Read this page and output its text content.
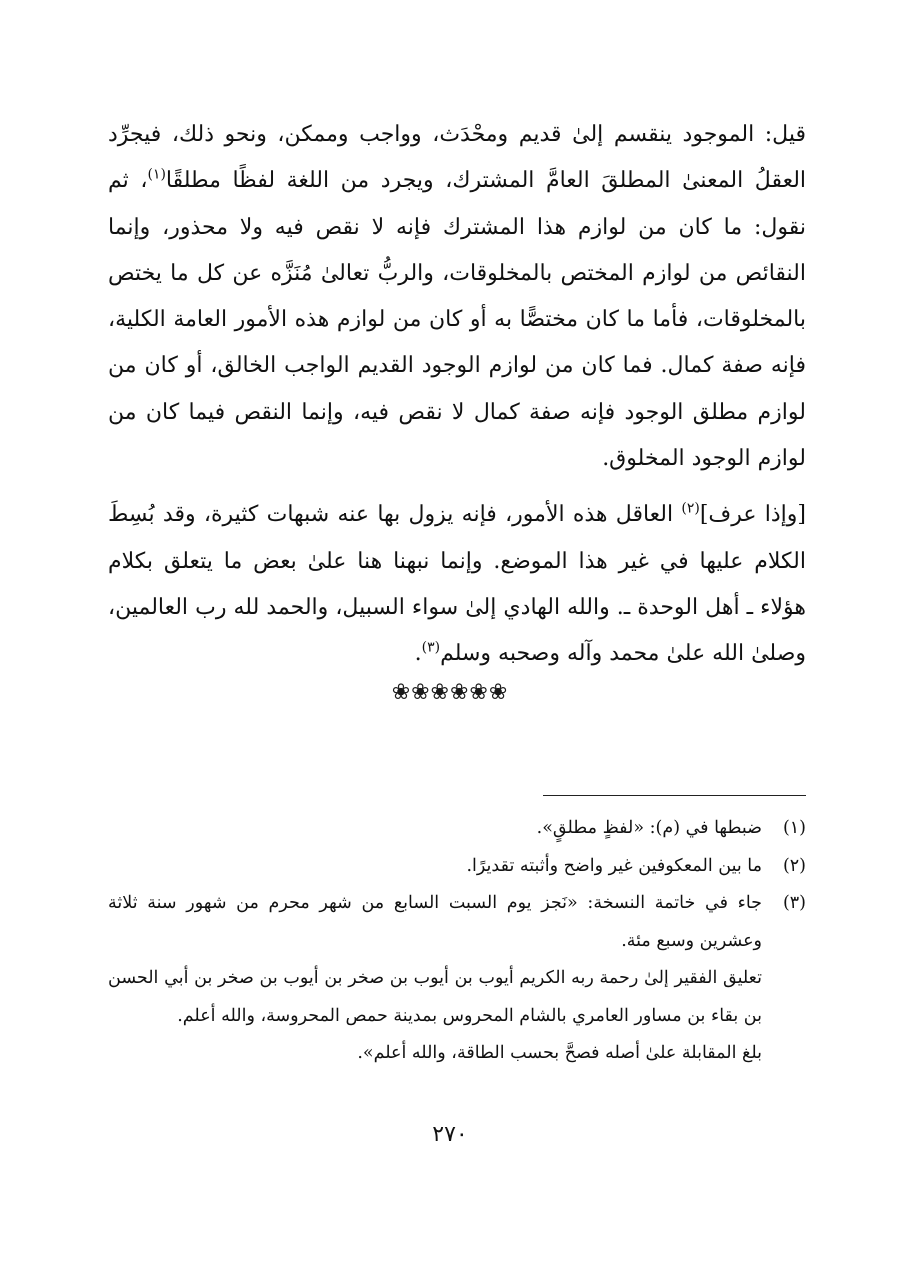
قيل: الموجود ينقسم إلىٰ قديم ومحْدَث، وواجب وممكن، ونحو ذلك، فيجرِّد العقلُ المعنىٰ المطلقَ العامَّ المشترك، ويجرد من اللغة لفظًا مطلقًا$^{(١)}$، ثم نقول: ما كان من لوازم هذا المشترك فإنه لا نقص فيه ولا محذور، وإنما النقائص من لوازم المختص بالمخلوقات، والربُّ تعالىٰ مُنَزَّه عن كل ما يختص بالمخلوقات، فأما ما كان مختصًّا به أو كان من لوازم هذه الأمور العامة الكلية، فإنه صفة كمال. فما كان من لوازم الوجود القديم الواجب الخالق، أو كان من لوازم مطلق الوجود فإنه صفة كمال لا نقص فيه، وإنما النقص فيما كان من لوازم الوجود المخلوق.

[وإذا عرف]$^{(٢)}$ العاقل هذه الأمور، فإنه يزول بها عنه شبهات كثيرة، وقد بُسِطَ الكلام عليها في غير هذا الموضع. وإنما نبهنا هنا علىٰ بعض ما يتعلق بكلام هؤلاء ـ أهل الوحدة ـ. والله الهادي إلىٰ سواء السبيل، والحمد لله رب العالمين، وصلىٰ الله علىٰ محمد وآله وصحبه وسلم$^{(٣)}$.

❀❀❀❀❀❀
(١)
ضبطها في (م): «لفظٍ مطلقٍ».
(٢)
ما بين المعكوفين غير واضح وأثبته تقديرًا.
(٣)
جاء في خاتمة النسخة: «نَجز يوم السبت السابع من شهر محرم من شهور سنة ثلاثة وعشرين وسبع مئة.
تعليق الفقير إلىٰ رحمة ربه الكريم أيوب بن أيوب بن صخر بن أيوب بن صخر بن أبي الحسن بن بقاء بن مساور العامري بالشام المحروس بمدينة حمص المحروسة، والله أعلم.
بلغ المقابلة علىٰ أصله فصحَّ بحسب الطاقة، والله أعلم».
٢٧٠
